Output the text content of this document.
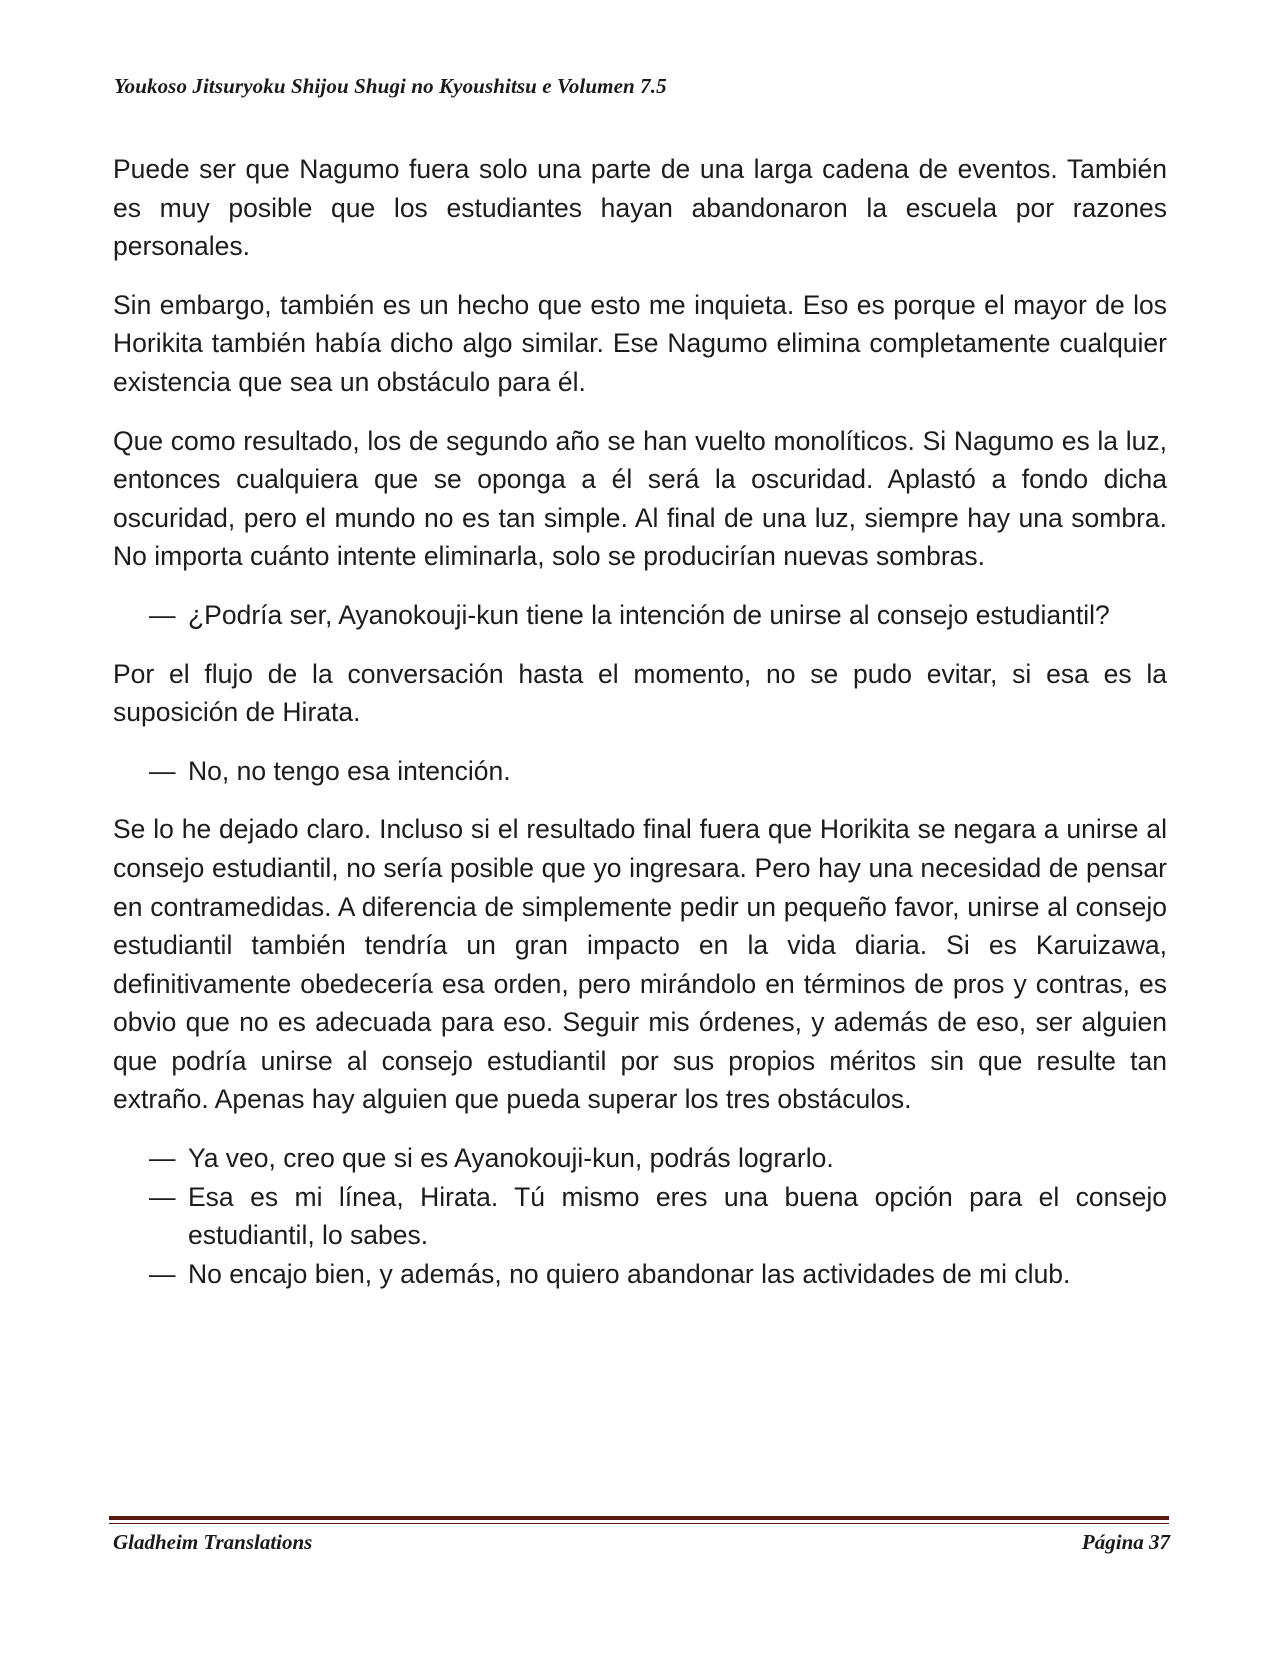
Youkoso Jitsuryoku Shijou Shugi no Kyoushitsu e Volumen 7.5

Puede ser que Nagumo fuera solo una parte de una larga cadena de eventos. También es muy posible que los estudiantes hayan abandonaron la escuela por razones personales.

Sin embargo, también es un hecho que esto me inquieta. Eso es porque el mayor de los Horikita también había dicho algo similar. Ese Nagumo elimina completamente cualquier existencia que sea un obstáculo para él.

Que como resultado, los de segundo año se han vuelto monolíticos. Si Nagumo es la luz, entonces cualquiera que se oponga a él será la oscuridad. Aplastó a fondo dicha oscuridad, pero el mundo no es tan simple. Al final de una luz, siempre hay una sombra. No importa cuánto intente eliminarla, solo se producirían nuevas sombras.

— ¿Podría ser, Ayanokouji-kun tiene la intención de unirse al consejo estudiantil?

Por el flujo de la conversación hasta el momento, no se pudo evitar, si esa es la suposición de Hirata.

— No, no tengo esa intención.

Se lo he dejado claro. Incluso si el resultado final fuera que Horikita se negara a unirse al consejo estudiantil, no sería posible que yo ingresara. Pero hay una necesidad de pensar en contramedidas. A diferencia de simplemente pedir un pequeño favor, unirse al consejo estudiantil también tendría un gran impacto en la vida diaria. Si es Karuizawa, definitivamente obedecería esa orden, pero mirándolo en términos de pros y contras, es obvio que no es adecuada para eso. Seguir mis órdenes, y además de eso, ser alguien que podría unirse al consejo estudiantil por sus propios méritos sin que resulte tan extraño. Apenas hay alguien que pueda superar los tres obstáculos.

— Ya veo, creo que si es Ayanokouji-kun, podrás lograrlo.

— Esa es mi línea, Hirata. Tú mismo eres una buena opción para el consejo estudiantil, lo sabes.

— No encajo bien, y además, no quiero abandonar las actividades de mi club.

Gladheim Translations	Página 37
